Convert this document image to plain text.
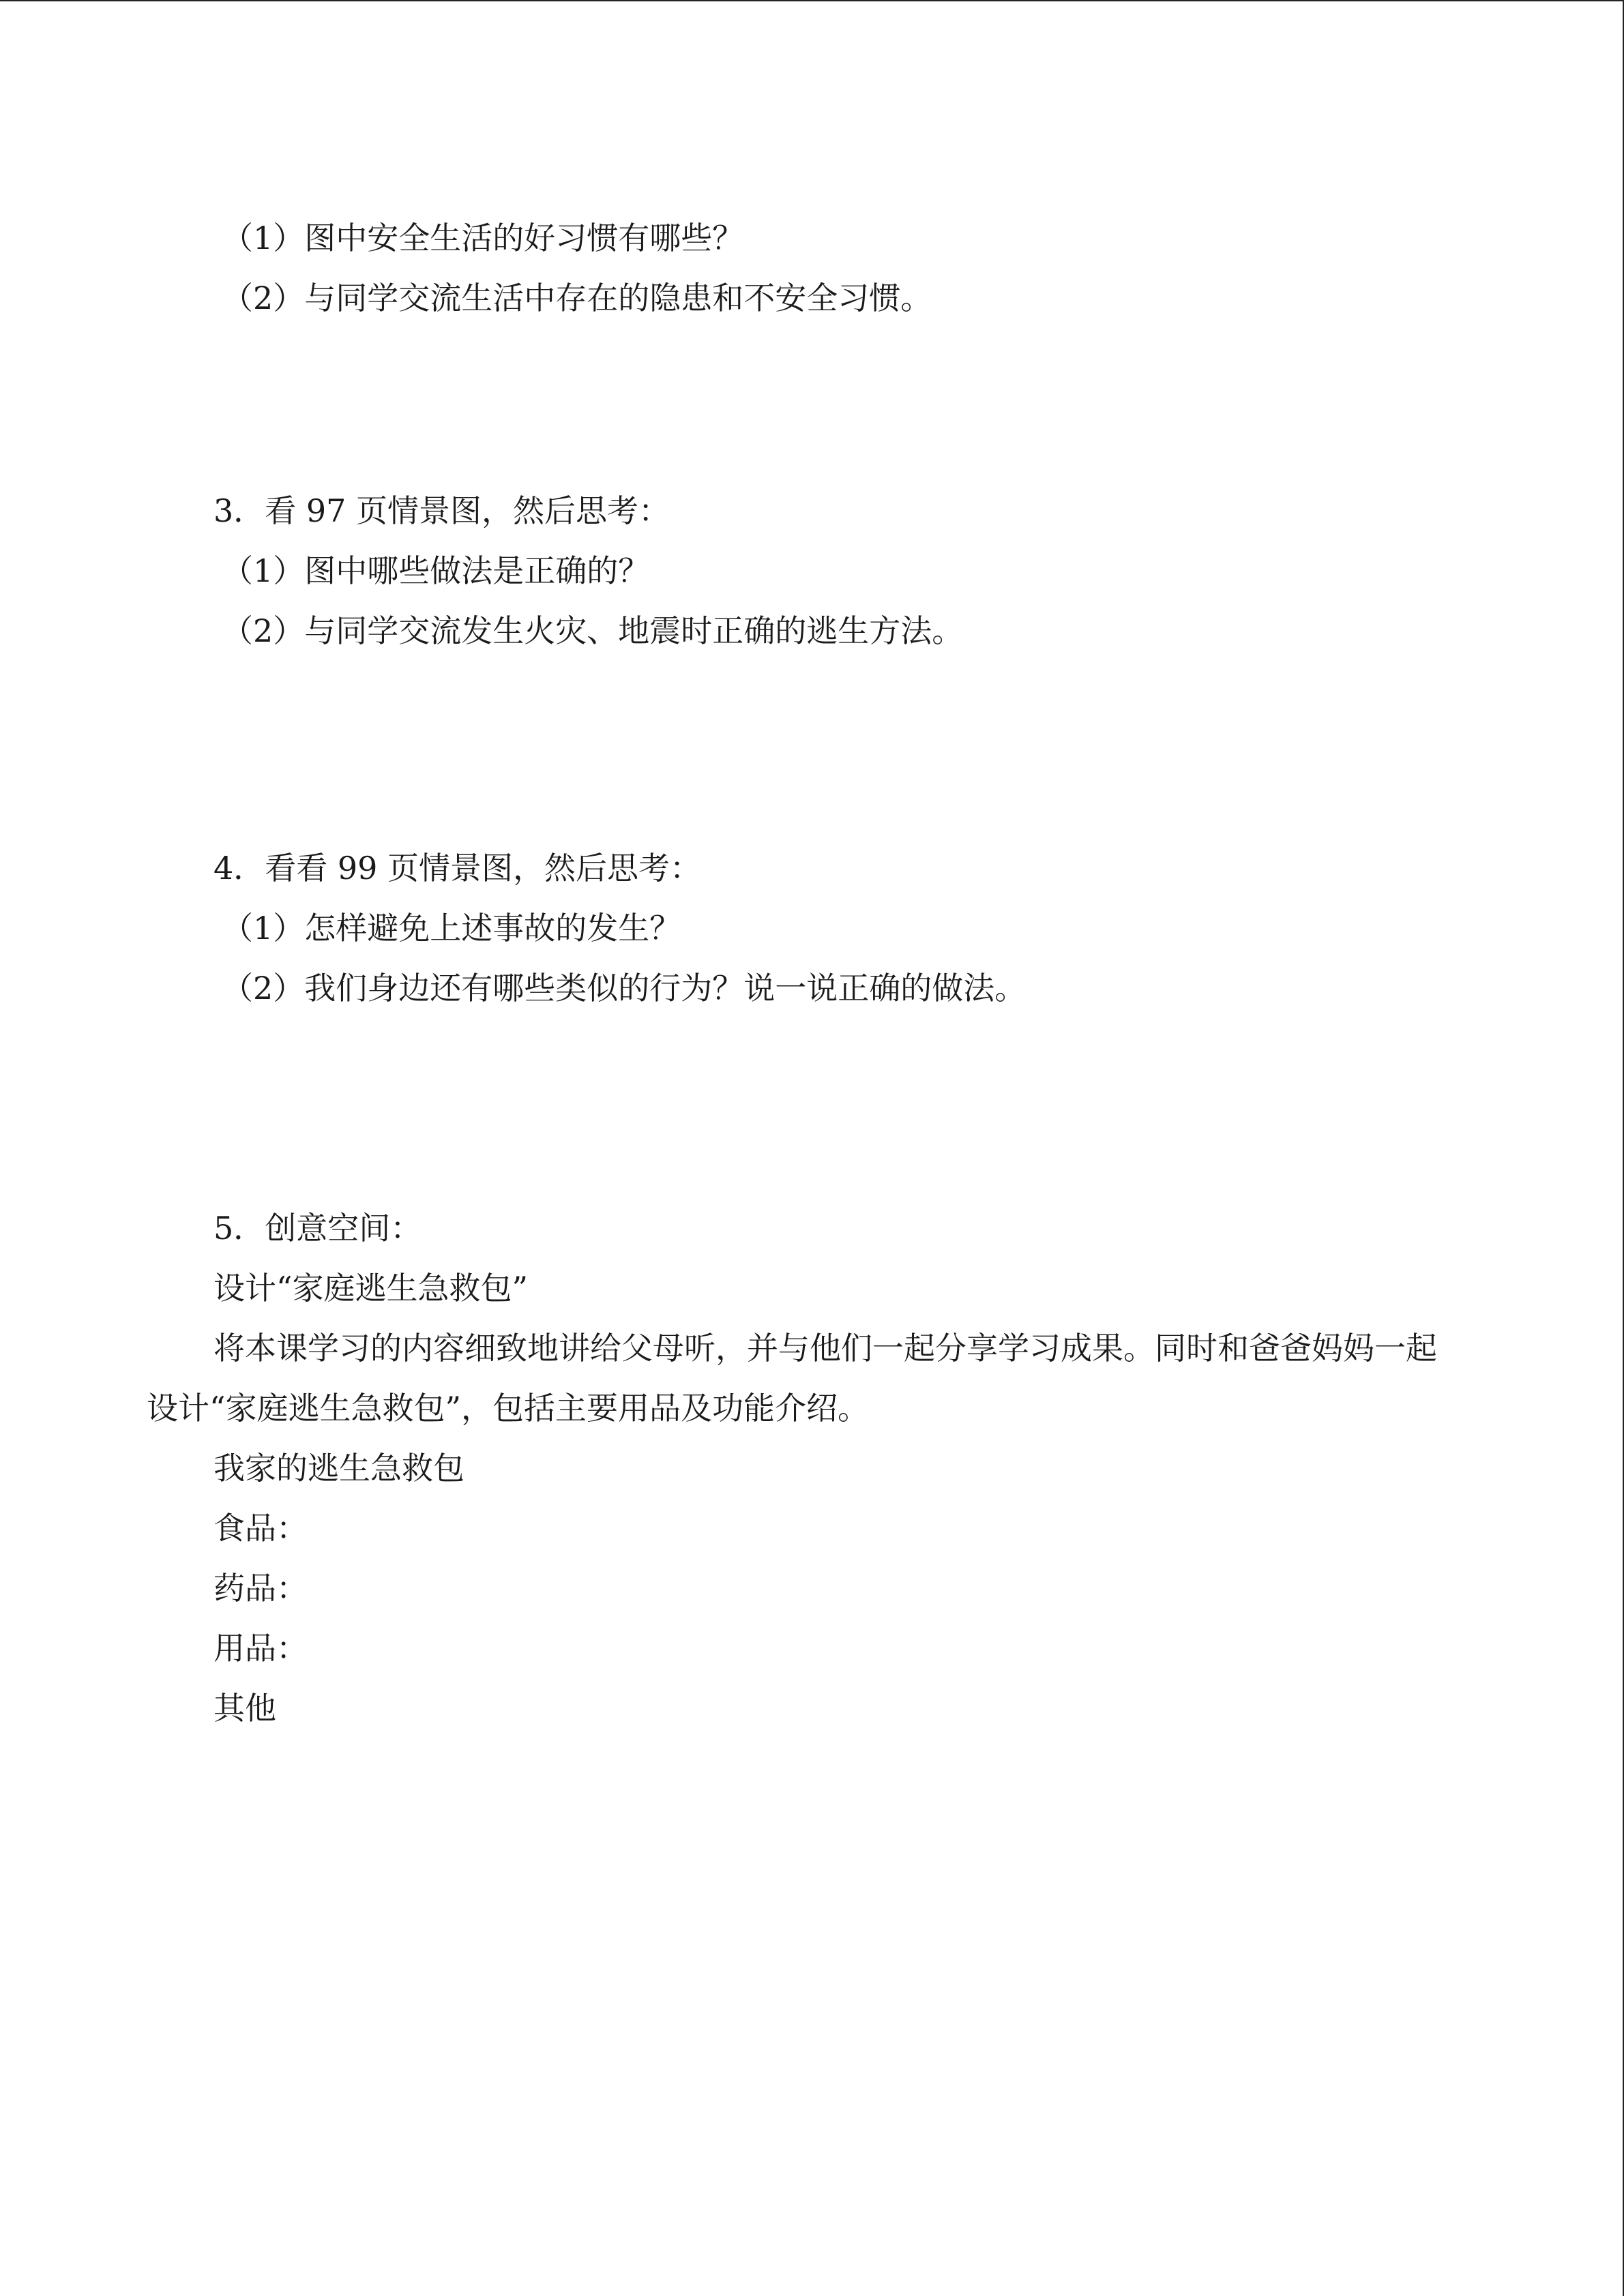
（1）图中安全生活的好习惯有哪些？
（2）与同学交流生活中存在的隐患和不安全习惯。
3．看 97 页情景图，然后思考：
（1）图中哪些做法是正确的？
（2）与同学交流发生火灾、地震时正确的逃生方法。
4．看看 99 页情景图，然后思考：
（1）怎样避免上述事故的发生？
（2）我们身边还有哪些类似的行为？说一说正确的做法。
5．创意空间：
设计“家庭逃生急救包”
将本课学习的内容细致地讲给父母听，并与他们一起分享学习成果。同时和爸爸妈妈一起设计“家庭逃生急救包”，包括主要用品及功能介绍。
我家的逃生急救包
食品：
药品：
用品：
其他
